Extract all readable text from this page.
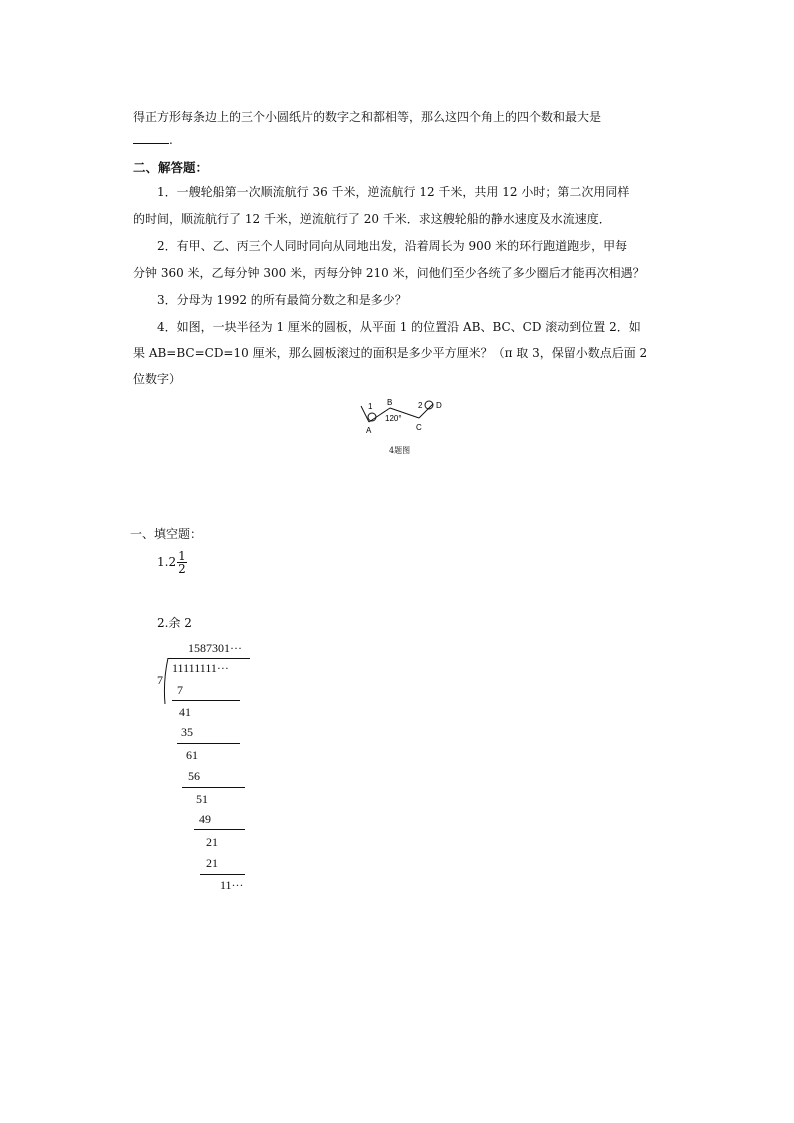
得正方形每条边上的三个小圆纸片的数字之和都相等，那么这四个角上的四个数和最大是
.
二、解答题：
1．一艘轮船第一次顺流航行 36 千米，逆流航行 12 千米，共用 12 小时；第二次用同样
的时间，顺流航行了 12 千米，逆流航行了 20 千米．求这艘轮船的静水速度及水流速度．
2．有甲、乙、丙三个人同时同向从同地出发，沿着周长为 900 米的环行跑道跑步，甲每
分钟 360 米，乙每分钟 300 米，丙每分钟 210 米，问他们至少各统了多少圈后才能再次相遇？
3．分母为 1992 的所有最简分数之和是多少？
4．如图，一块半径为 1 厘米的圆板，从平面 1 的位置沿 AB、BC、CD 滚动到位置 2．如
果 AB=BC=CD=10 厘米，那么圆板滚过的面积是多少平方厘米？（π 取 3，保留小数点后面 2
位数字）
1
A
B
120°
2 D
C
4题图
一、填空题：
$1.2 \frac{1}{2}$
2.余 2
1587301···
7
11111111···
7
41
35
61
56
51
49
21
21
11···
